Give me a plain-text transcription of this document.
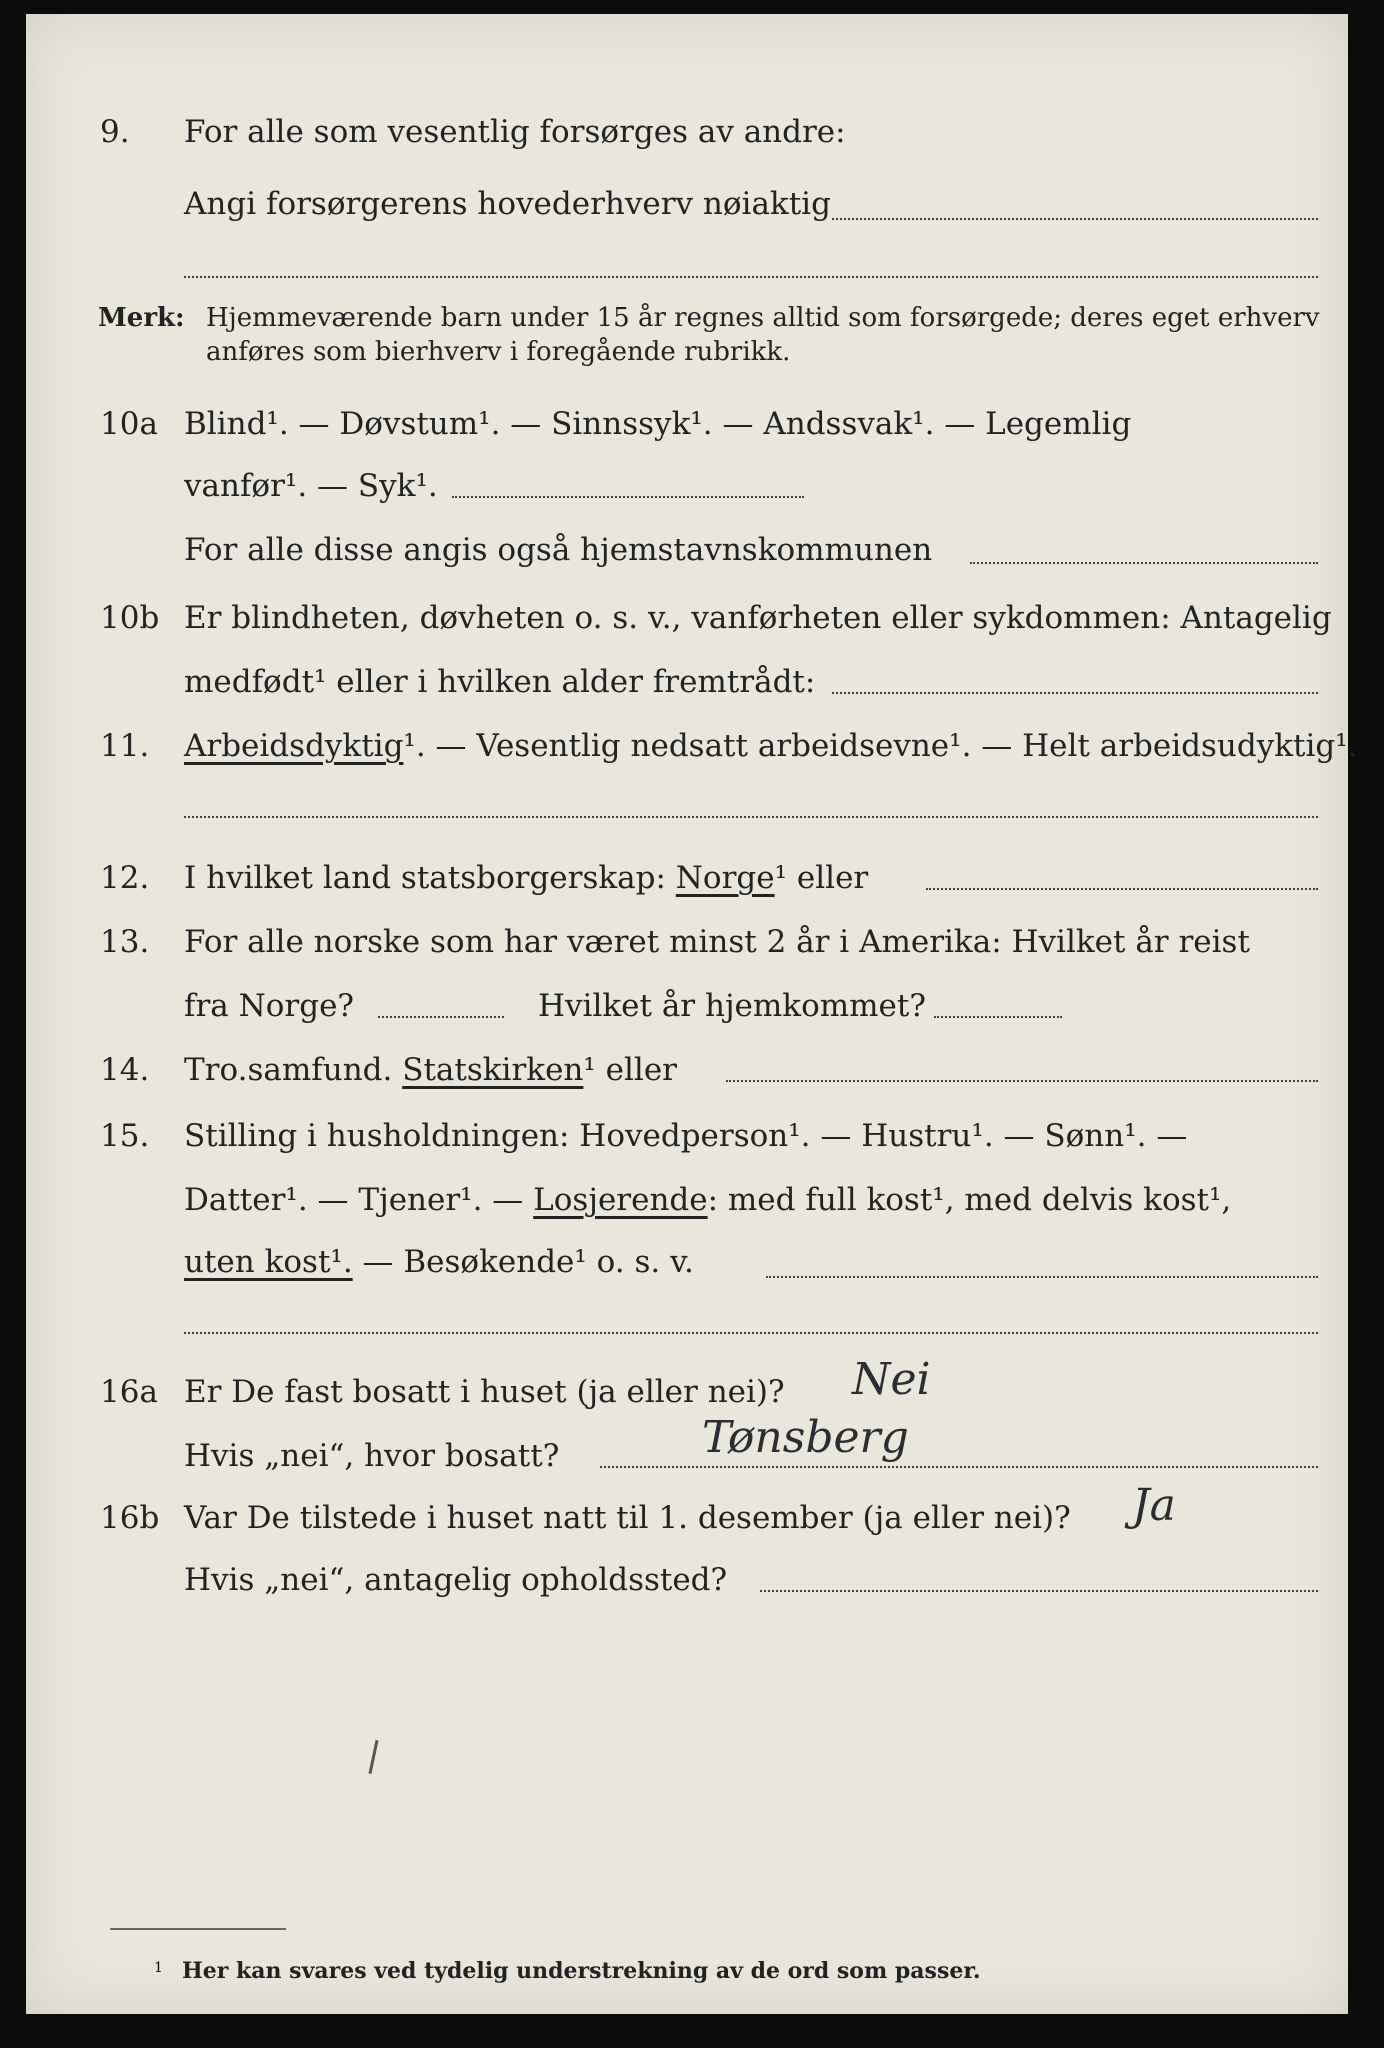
9. For alle som vesentlig forsørges av andre:
Angi forsørgerens hovederhverv nøiaktig
Merk: Hjemmeværende barn under 15 år regnes alltid som forsørgede; deres eget erhverv
anføres som bierhverv i foregående rubrikk.
10a Blind¹. — Døvstum¹. — Sinnssyk¹. — Andssvak¹. — Legemlig
vanfør¹. — Syk¹.
For alle disse angis også hjemstavnskommunen
10b Er blindheten, døvheten o. s. v., vanførheten eller sykdommen: Antagelig
medfødt¹ eller i hvilken alder fremtrådt:
11. Arbeidsdyktig¹. — Vesentlig nedsatt arbeidsevne¹. — Helt arbeidsudyktig¹.
12. I hvilket land statsborgerskap: Norge¹ eller
13. For alle norske som har været minst 2 år i Amerika: Hvilket år reist
fra Norge?	Hvilket år hjemkommet?
14. Tro.samfund. Statskirken¹ eller
15. Stilling i husholdningen: Hovedperson¹. — Hustru¹. — Sønn¹. —
Datter¹. — Tjener¹. — Losjerende: med full kost¹, med delvis kost¹,
uten kost¹. — Besøkende¹ o. s. v.
16a Er De fast bosatt i huset (ja eller nei)? Nei
Hvis „nei“, hvor bosatt?	Tønsberg
16b Var De tilstede i huset natt til 1. desember (ja eller nei)? Ja
Hvis „nei“, antagelig opholdssted?
1 Her kan svares ved tydelig understrekning av de ord som passer.
